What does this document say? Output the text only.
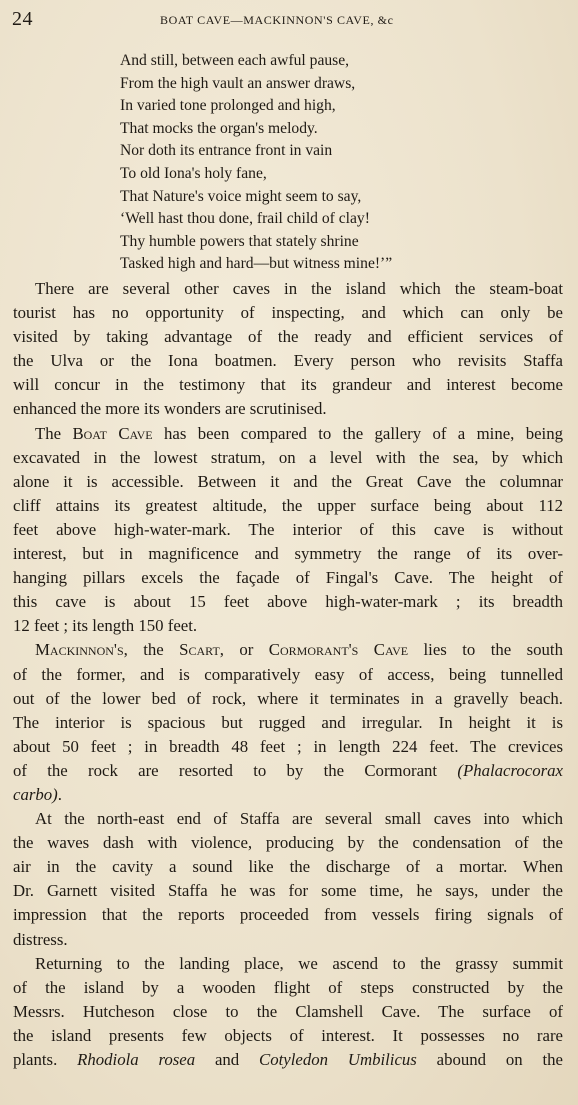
24	BOAT CAVE—MACKINNON'S CAVE, &c
And still, between each awful pause,
From the high vault an answer draws,
In varied tone prolonged and high,
That mocks the organ's melody.
Nor doth its entrance front in vain
To old Iona's holy fane,
That Nature's voice might seem to say,
‘Well hast thou done, frail child of clay!
Thy humble powers that stately shrine
Tasked high and hard—but witness mine!’”
There are several other caves in the island which the steam-boat
tourist has no opportunity of inspecting, and which can only be
visited by taking advantage of the ready and efficient services of
the Ulva or the Iona boatmen. Every person who revisits Staffa
will concur in the testimony that its grandeur and interest become
enhanced the more its wonders are scrutinised.
The Boat Cave has been compared to the gallery of a mine, being
excavated in the lowest stratum, on a level with the sea, by which
alone it is accessible. Between it and the Great Cave the columnar
cliff attains its greatest altitude, the upper surface being about 112
feet above high-water-mark. The interior of this cave is without
interest, but in magnificence and symmetry the range of its over-
hanging pillars excels the façade of Fingal's Cave. The height of
this cave is about 15 feet above high-water-mark ; its breadth
12 feet ; its length 150 feet.
Mackinnon's, the Scart, or Cormorant's Cave lies to the south
of the former, and is comparatively easy of access, being tunnelled
out of the lower bed of rock, where it terminates in a gravelly beach.
The interior is spacious but rugged and irregular. In height it is
about 50 feet ; in breadth 48 feet ; in length 224 feet. The crevices
of the rock are resorted to by the Cormorant (Phalacrocorax
carbo).
At the north-east end of Staffa are several small caves into which
the waves dash with violence, producing by the condensation of the
air in the cavity a sound like the discharge of a mortar. When
Dr. Garnett visited Staffa he was for some time, he says, under the
impression that the reports proceeded from vessels firing signals of
distress.
Returning to the landing place, we ascend to the grassy summit
of the island by a wooden flight of steps constructed by the
Messrs. Hutcheson close to the Clamshell Cave. The surface of
the island presents few objects of interest. It possesses no rare
plants. Rhodiola rosea and Cotyledon Umbilicus abound on the
